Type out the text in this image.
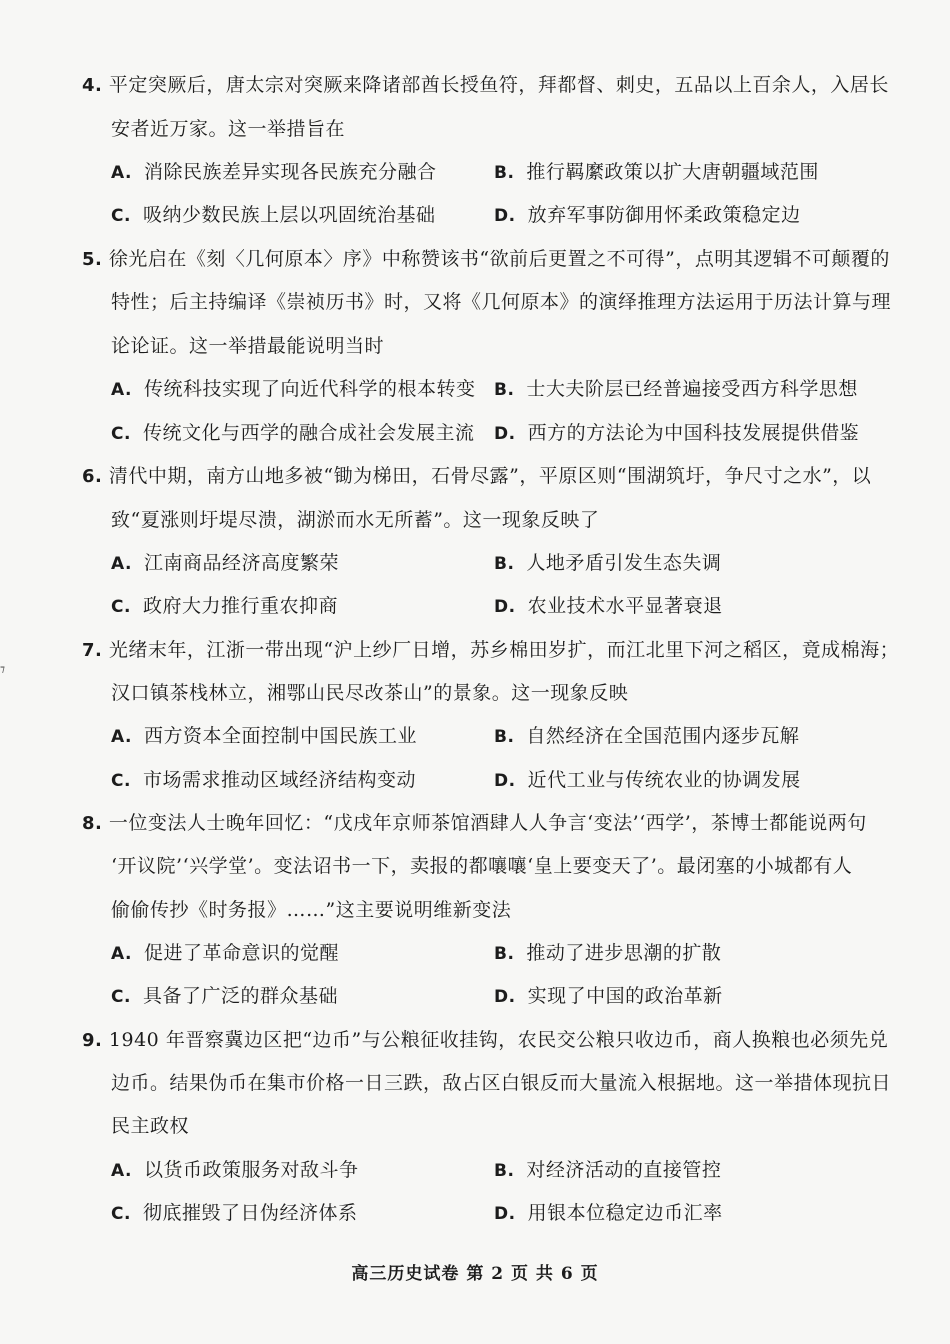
4. 平定突厥后，唐太宗对突厥来降诸部酋长授鱼符，拜都督、刺史，五品以上百余人，入居长
安者近万家。这一举措旨在
A. 消除民族差异实现各民族充分融合	B. 推行羁縻政策以扩大唐朝疆域范围
C. 吸纳少数民族上层以巩固统治基础	D. 放弃军事防御用怀柔政策稳定边
5. 徐光启在《刻〈几何原本〉序》中称赞该书“欲前后更置之不可得”，点明其逻辑不可颠覆的
特性；后主持编译《崇祯历书》时，又将《几何原本》的演绎推理方法运用于历法计算与理
论论证。这一举措最能说明当时
A. 传统科技实现了向近代科学的根本转变 B. 士大夫阶层已经普遍接受西方科学思想
C. 传统文化与西学的融合成社会发展主流 D. 西方的方法论为中国科技发展提供借鉴
6. 清代中期，南方山地多被“锄为梯田，石骨尽露”，平原区则“围湖筑圩，争尺寸之水”，以
致“夏涨则圩堤尽溃，湖淤而水无所蓄”。这一现象反映了
A. 江南商品经济高度繁荣	B. 人地矛盾引发生态失调
C. 政府大力推行重农抑商	D. 农业技术水平显著衰退
7. 光绪末年，江浙一带出现“沪上纱厂日增，苏乡棉田岁扩，而江北里下河之稻区，竟成棉海；
汉口镇茶栈林立，湘鄂山民尽改茶山”的景象。这一现象反映
A. 西方资本全面控制中国民族工业	B. 自然经济在全国范围内逐步瓦解
C. 市场需求推动区域经济结构变动	D. 近代工业与传统农业的协调发展
8. 一位变法人士晚年回忆：“戊戌年京师茶馆酒肆人人争言‘变法’‘西学’，茶博士都能说两句
‘开议院’‘兴学堂’。变法诏书一下，卖报的都嚷嚷‘皇上要变天了’。最闭塞的小城都有人
偷偷传抄《时务报》……”这主要说明维新变法
A. 促进了革命意识的觉醒	B. 推动了进步思潮的扩散
C. 具备了广泛的群众基础	D. 实现了中国的政治革新
9. 1940 年晋察冀边区把“边币”与公粮征收挂钩，农民交公粮只收边币，商人换粮也必须先兑
边币。结果伪币在集市价格一日三跌，敌占区白银反而大量流入根据地。这一举措体现抗日
民主政权
A. 以货币政策服务对敌斗争	B. 对经济活动的直接管控
C. 彻底摧毁了日伪经济体系	D. 用银本位稳定边币汇率
⁊
高三历史试卷 第 2 页 共 6 页
